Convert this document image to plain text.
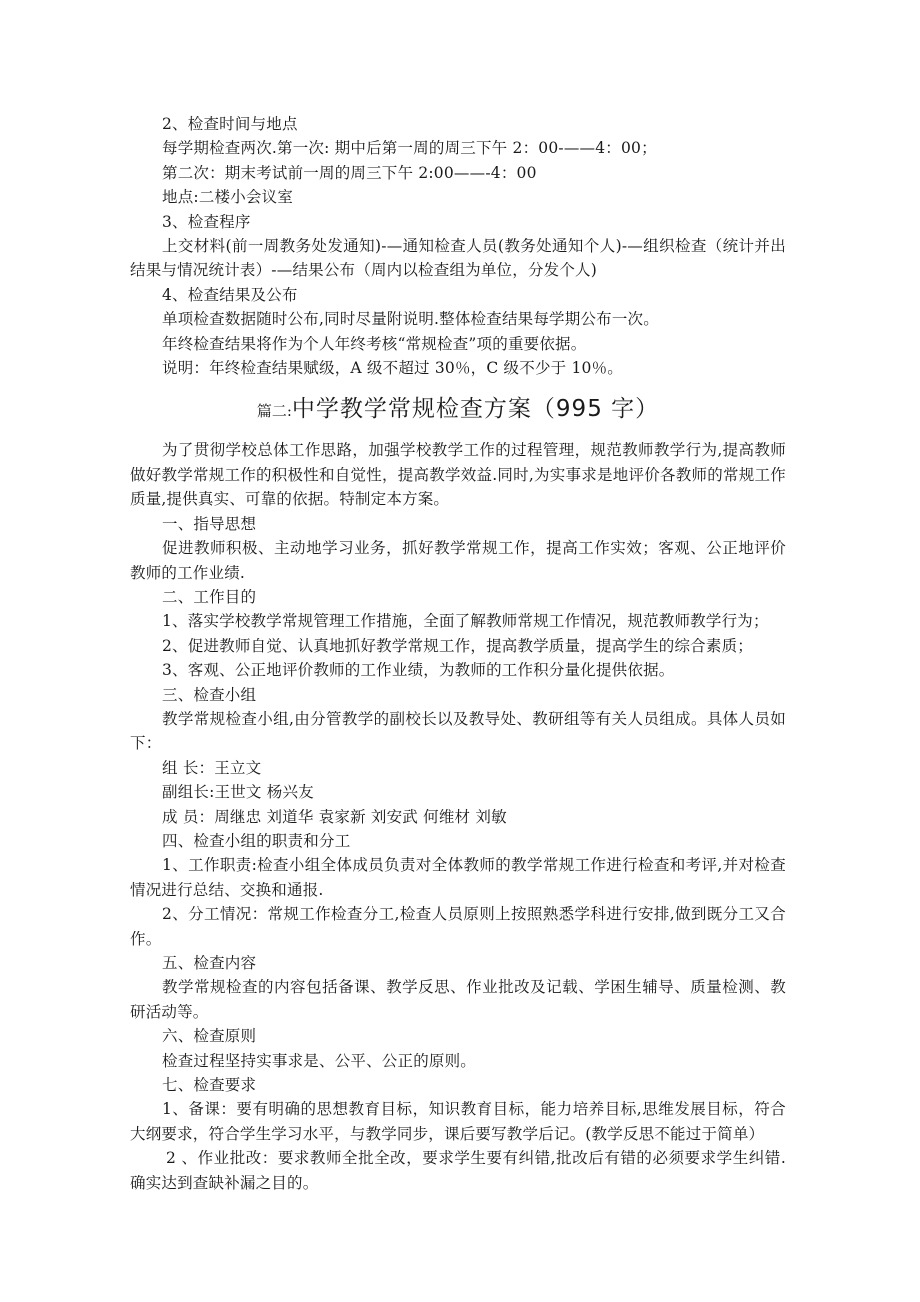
2、检查时间与地点

每学期检查两次.第一次: 期中后第一周的周三下午 2：00-——4：00；

第二次：期末考试前一周的周三下午 2:00——-4：00

地点:二楼小会议室

3、检查程序

上交材料(前一周教务处发通知)-—通知检查人员(教务处通知个人)-—组织检查（统计并出结果与情况统计表）-—结果公布（周内以检查组为单位，分发个人)

4、检查结果及公布

单项检查数据随时公布,同时尽量附说明.整体检查结果每学期公布一次。

年终检查结果将作为个人年终考核“常规检查”项的重要依据。

说明：年终检查结果赋级，A 级不超过 30％，C 级不少于 10％。

篇二:中学教学常规检查方案（995 字）

为了贯彻学校总体工作思路，加强学校教学工作的过程管理，规范教师教学行为,提高教师做好教学常规工作的积极性和自觉性，提高教学效益.同时,为实事求是地评价各教师的常规工作质量,提供真实、可靠的依据。特制定本方案。

一、指导思想

促进教师积极、主动地学习业务，抓好教学常规工作，提高工作实效；客观、公正地评价教师的工作业绩.

二、工作目的

1、落实学校教学常规管理工作措施，全面了解教师常规工作情况，规范教师教学行为；

2、促进教师自觉、认真地抓好教学常规工作，提高教学质量，提高学生的综合素质；

3、客观、公正地评价教师的工作业绩，为教师的工作积分量化提供依据。

三、检查小组

教学常规检查小组,由分管教学的副校长以及教导处、教研组等有关人员组成。具体人员如下：

组 长：王立文

副组长:王世文 杨兴友

成 员：周继忠 刘道华 袁家新 刘安武 何维材 刘敏

四、检查小组的职责和分工

1、工作职责:检查小组全体成员负责对全体教师的教学常规工作进行检查和考评,并对检查情况进行总结、交换和通报.

2、分工情况：常规工作检查分工,检查人员原则上按照熟悉学科进行安排,做到既分工又合作。

五、检查内容

教学常规检查的内容包括备课、教学反思、作业批改及记载、学困生辅导、质量检测、教研活动等。

六、检查原则

检查过程坚持实事求是、公平、公正的原则。

七、检查要求

1、备课：要有明确的思想教育目标，知识教育目标，能力培养目标,思维发展目标，符合大纲要求，符合学生学习水平，与教学同步，课后要写教学后记。(教学反思不能过于简单）

2 、作业批改：要求教师全批全改，要求学生要有纠错,批改后有错的必须要求学生纠错.确实达到查缺补漏之目的。
